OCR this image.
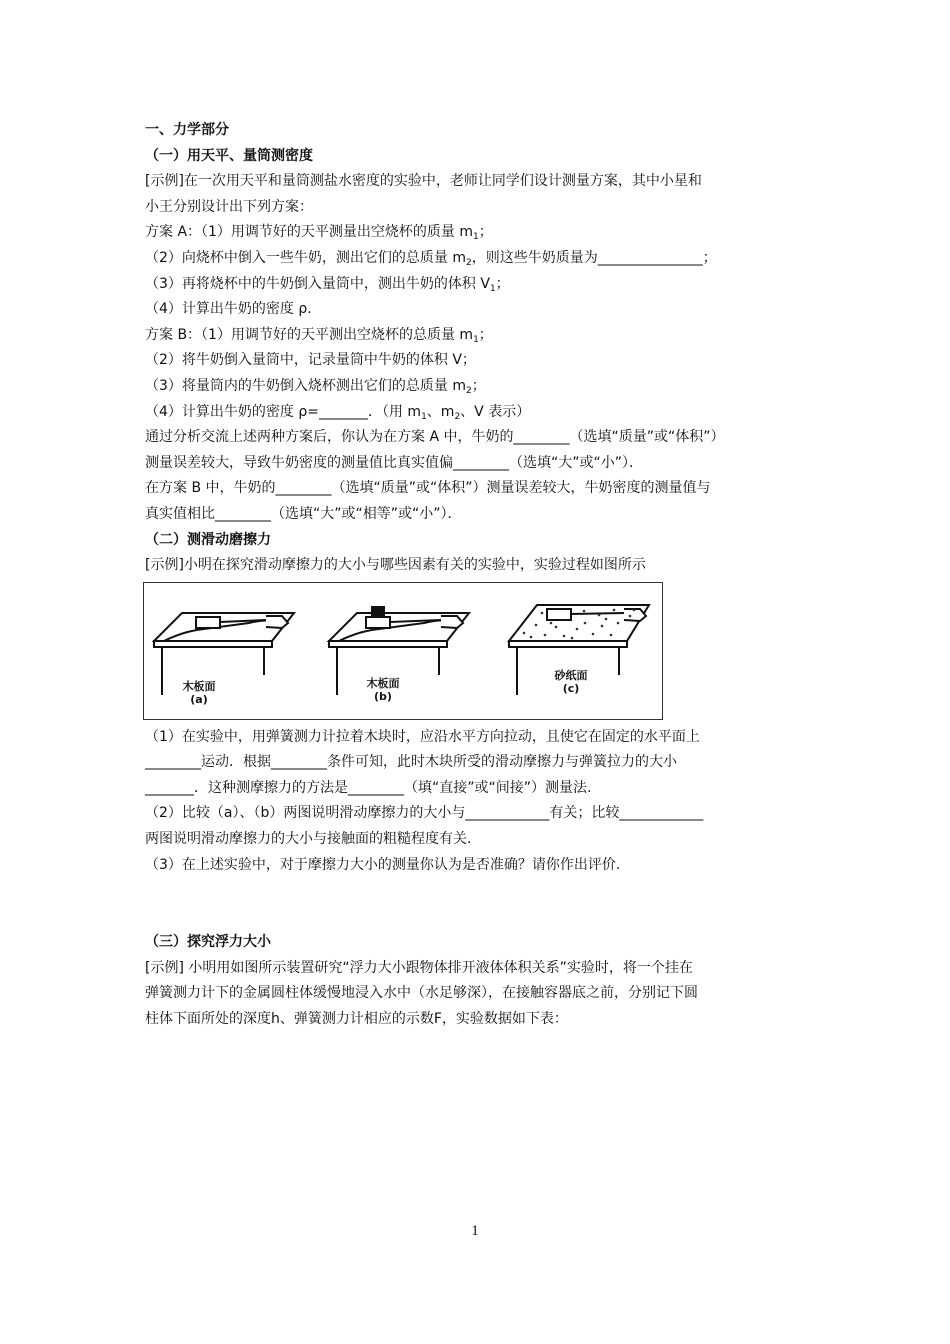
一、力学部分
（一）用天平、量筒测密度
[示例]在一次用天平和量筒测盐水密度的实验中，老师让同学们设计测量方案，其中小星和
小王分别设计出下列方案：
方案 A：（1）用调节好的天平测量出空烧杯的质量 $m_1$；
（2）向烧杯中倒入一些牛奶，测出它们的总质量 $m_2$，则这些牛奶质量为_______________；
（3）再将烧杯中的牛奶倒入量筒中，测出牛奶的体积 $V_1$；
（4）计算出牛奶的密度 ρ.
方案 B：（1）用调节好的天平测出空烧杯的总质量 $m_1$；
（2）将牛奶倒入量筒中，记录量筒中牛奶的体积 V；
（3）将量筒内的牛奶倒入烧杯测出它们的总质量 $m_2$；
（4）计算出牛奶的密度 ρ=_______．（用 $m_1$、$m_2$、V 表示）
通过分析交流上述两种方案后，你认为在方案 A 中，牛奶的________（选填“质量”或“体积”）
测量误差较大，导致牛奶密度的测量值比真实值偏________（选填“大”或“小”）．
在方案 B 中，牛奶的________（选填“质量”或“体积”）测量误差较大，牛奶密度的测量值与
真实值相比________（选填“大”或“相等”或“小”）．
（二）测滑动磨擦力
[示例]小明在探究滑动摩擦力的大小与哪些因素有关的实验中，实验过程如图所示
木板面
(a)
木板面
(b)
砂纸面
(c)
（1）在实验中，用弹簧测力计拉着木块时，应沿水平方向拉动，且使它在固定的水平面上
________运动．根据________条件可知，此时木块所受的滑动摩擦力与弹簧拉力的大小
_______．这种测摩擦力的方法是________（填“直接”或“间接”）测量法.
（2）比较（a）、（b）两图说明滑动摩擦力的大小与____________有关；比较____________
两图说明滑动摩擦力的大小与接触面的粗糙程度有关.
（3）在上述实验中，对于摩擦力大小的测量你认为是否准确？请你作出评价.
（三）探究浮力大小
[示例] 小明用如图所示装置研究“浮力大小跟物体排开液体体积关系”实验时，将一个挂在
弹簧测力计下的金属圆柱体缓慢地浸入水中（水足够深），在接触容器底之前，分别记下圆
柱体下面所处的深度h、弹簧测力计相应的示数F，实验数据如下表：
1
